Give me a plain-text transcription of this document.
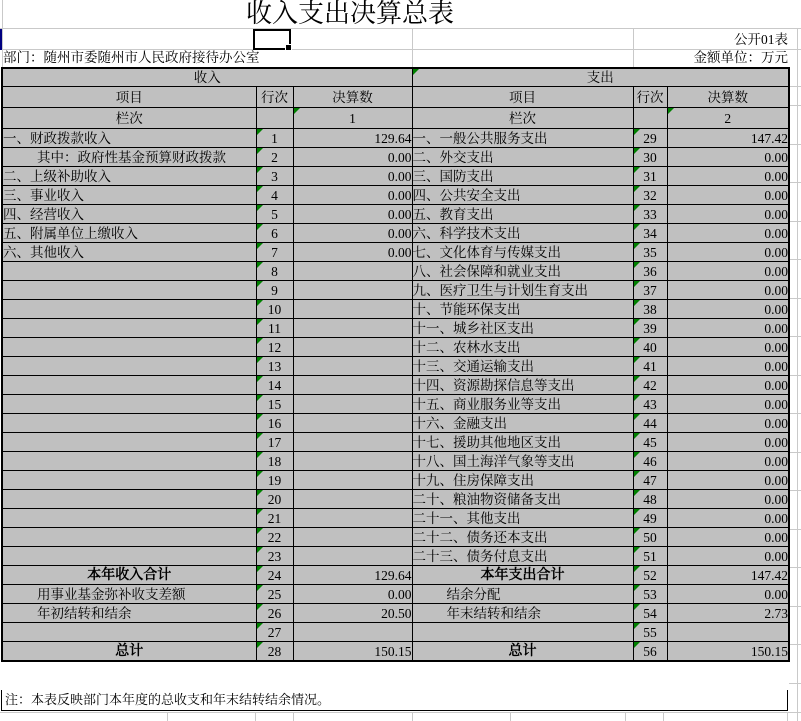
收入支出决算总表
公开01表
部门：随州市委随州市人民政府接待办公室	金额单位：万元
收入			支出		
项目	行次	决算数	项目	行次	决算数
栏次		1	栏次		2
一、财政拨款收入	1	129.64	一、一般公共服务支出	29	147.42
其中：政府性基金预算财政拨款	2	0.00	二、外交支出	30	0.00
二、上级补助收入	3	0.00	三、国防支出	31	0.00
三、事业收入	4	0.00	四、公共安全支出	32	0.00
四、经营收入	5	0.00	五、教育支出	33	0.00
五、附属单位上缴收入	6	0.00	六、科学技术支出	34	0.00
六、其他收入	7	0.00	七、文化体育与传媒支出	35	0.00
	8		八、社会保障和就业支出	36	0.00
	9		九、医疗卫生与计划生育支出	37	0.00
	10		十、节能环保支出	38	0.00
	11		十一、城乡社区支出	39	0.00
	12		十二、农林水支出	40	0.00
	13		十三、交通运输支出	41	0.00
	14		十四、资源勘探信息等支出	42	0.00
	15		十五、商业服务业等支出	43	0.00
	16		十六、金融支出	44	0.00
	17		十七、援助其他地区支出	45	0.00
	18		十八、国土海洋气象等支出	46	0.00
	19		十九、住房保障支出	47	0.00
	20		二十、粮油物资储备支出	48	0.00
	21		二十一、其他支出	49	0.00
	22		二十二、债务还本支出	50	0.00
	23		二十三、债务付息支出	51	0.00
本年收入合计	24	129.64	本年支出合计	52	147.42
用事业基金弥补收支差额	25	0.00	结余分配	53	0.00
年初结转和结余	26	20.50	年末结转和结余	54	2.73
	27			55

总计	28	150.15	总计	56	150.15
注：本表反映部门本年度的总收支和年末结转结余情况。
